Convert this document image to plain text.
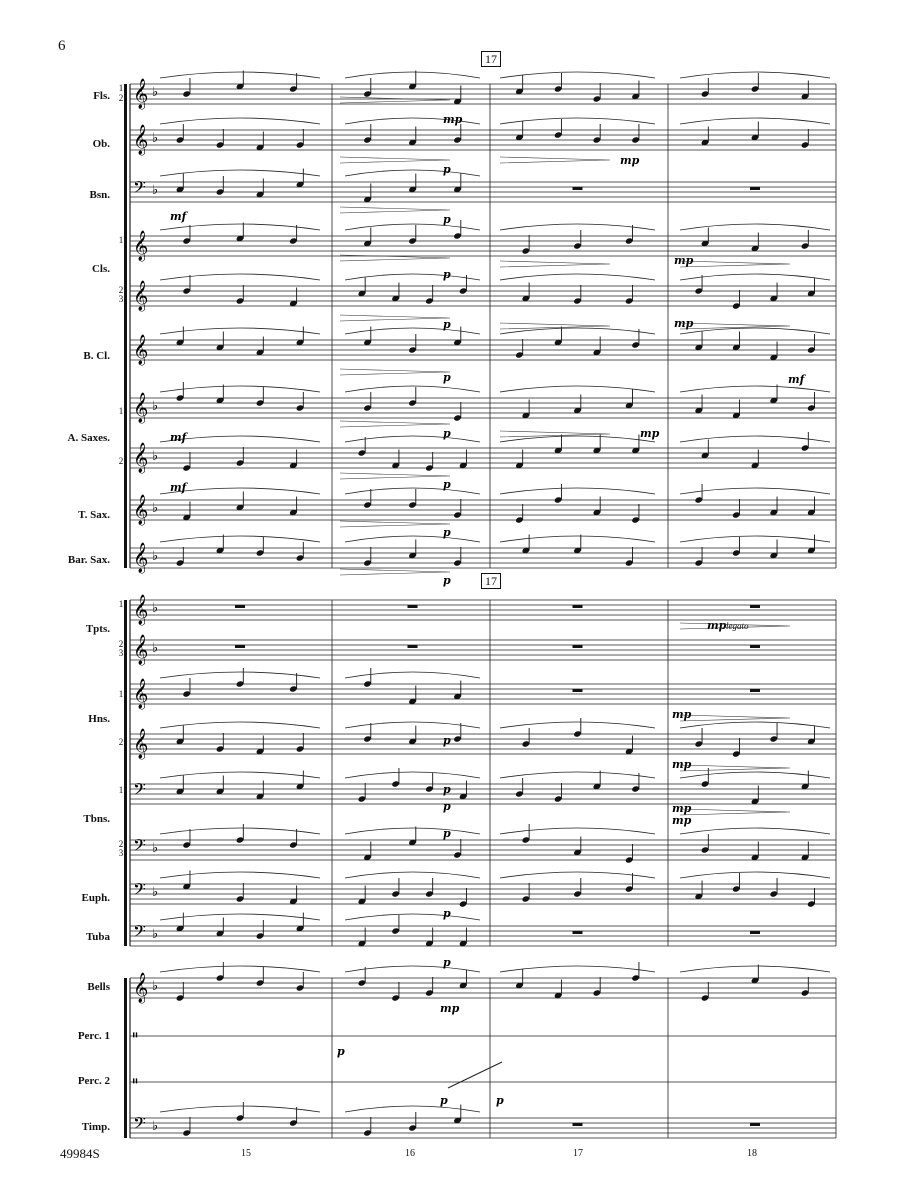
6
49984S
17
17
15	16	17	18
Fls.
1
2
Ob.
Bsn.
1
Cls.
2
3
B. Cl.
1
A. Saxes.
2
T. Sax.
Bar. Sax.
1
Tpts.
2
3
1
Hns.
2
1
Tbns.
2
3
Euph.
Tuba
Bells
Perc. 1
Perc. 2
Timp.
𝄞 ♭
𝄞 ♭
𝄢 ♭
𝄞
𝄞
𝄞
𝄞 ♭
𝄞 ♭
𝄞 ♭
𝄞 ♭
𝄞 ♭
𝄞 ♭
𝄞
𝄞
𝄢
𝄢 ♭
𝄢 ♭
𝄢 ♭
𝄞 ♭
𝄥
𝄥
𝄢 ♭
mf
mf
mf
mp
mp
mp
mp
mf
mp
mp
mp
mp
mp
mp
mp
p
p
p
p
p
p
p
p
p
p
p
p
p
p
p
p
p	p
legato
